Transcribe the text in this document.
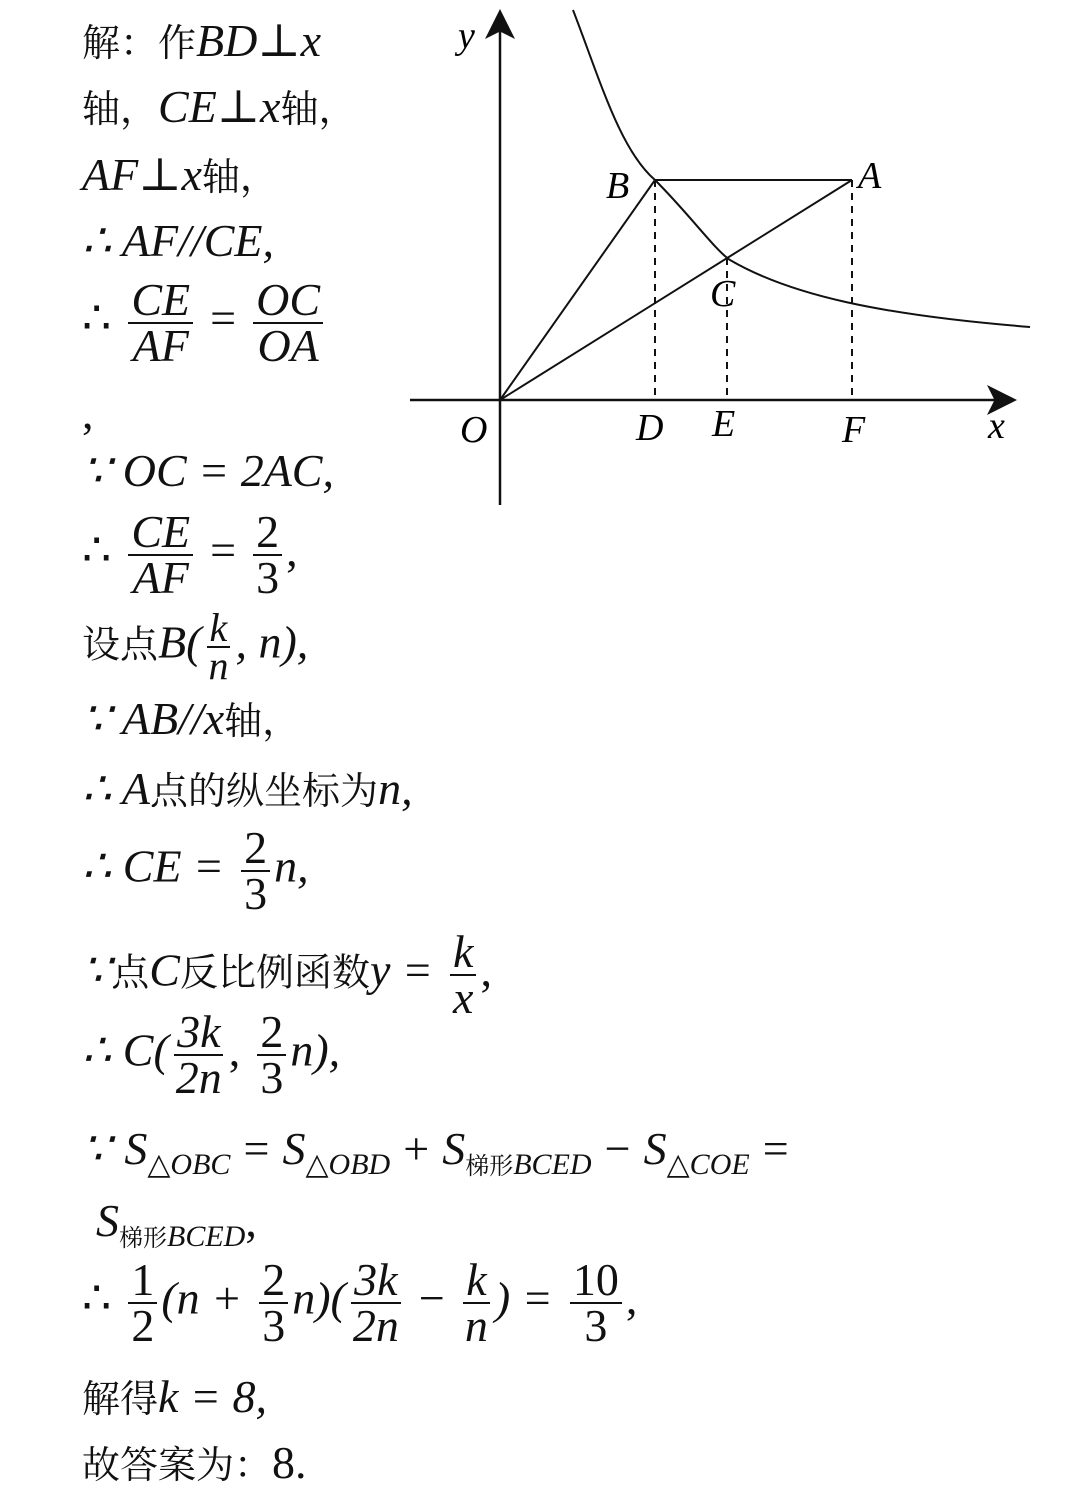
y
x
O
B	A
C
D E	F
解：作BD⊥x
轴，CE⊥x轴，
AF⊥x轴，
∴ AF//CE,
∴ $\frac{CE}{AF} = \frac{OC}{OA}$
,
∵ OC = 2AC,
∴ $\frac{CE}{AF} = \frac{2}{3}$ ,
设点$B( \frac{k}{n}$ , n),
∵ AB//x轴，
∴ A点的纵坐标为n,
∴ CE = $\frac{2}{3} n$,
∵点C反比例函数$y = \frac{k}{x}$ ,
∴ $C( \frac{3k}{2n}$ , $\frac{2}{3} n$),
∵ $S_{\triangle OBC} = S_{\triangle OBD} + S_{梯形BCED} - S_{\triangle COE}$ =
$S_{梯形BCED}$,
∴ $\frac{1}{2} (n + \frac{2}{3} n)( \frac{3k}{2n} - \frac{k}{n}$ ) = $\frac{10}{3}$ ,
解得k = 8,
故答案为：8.
